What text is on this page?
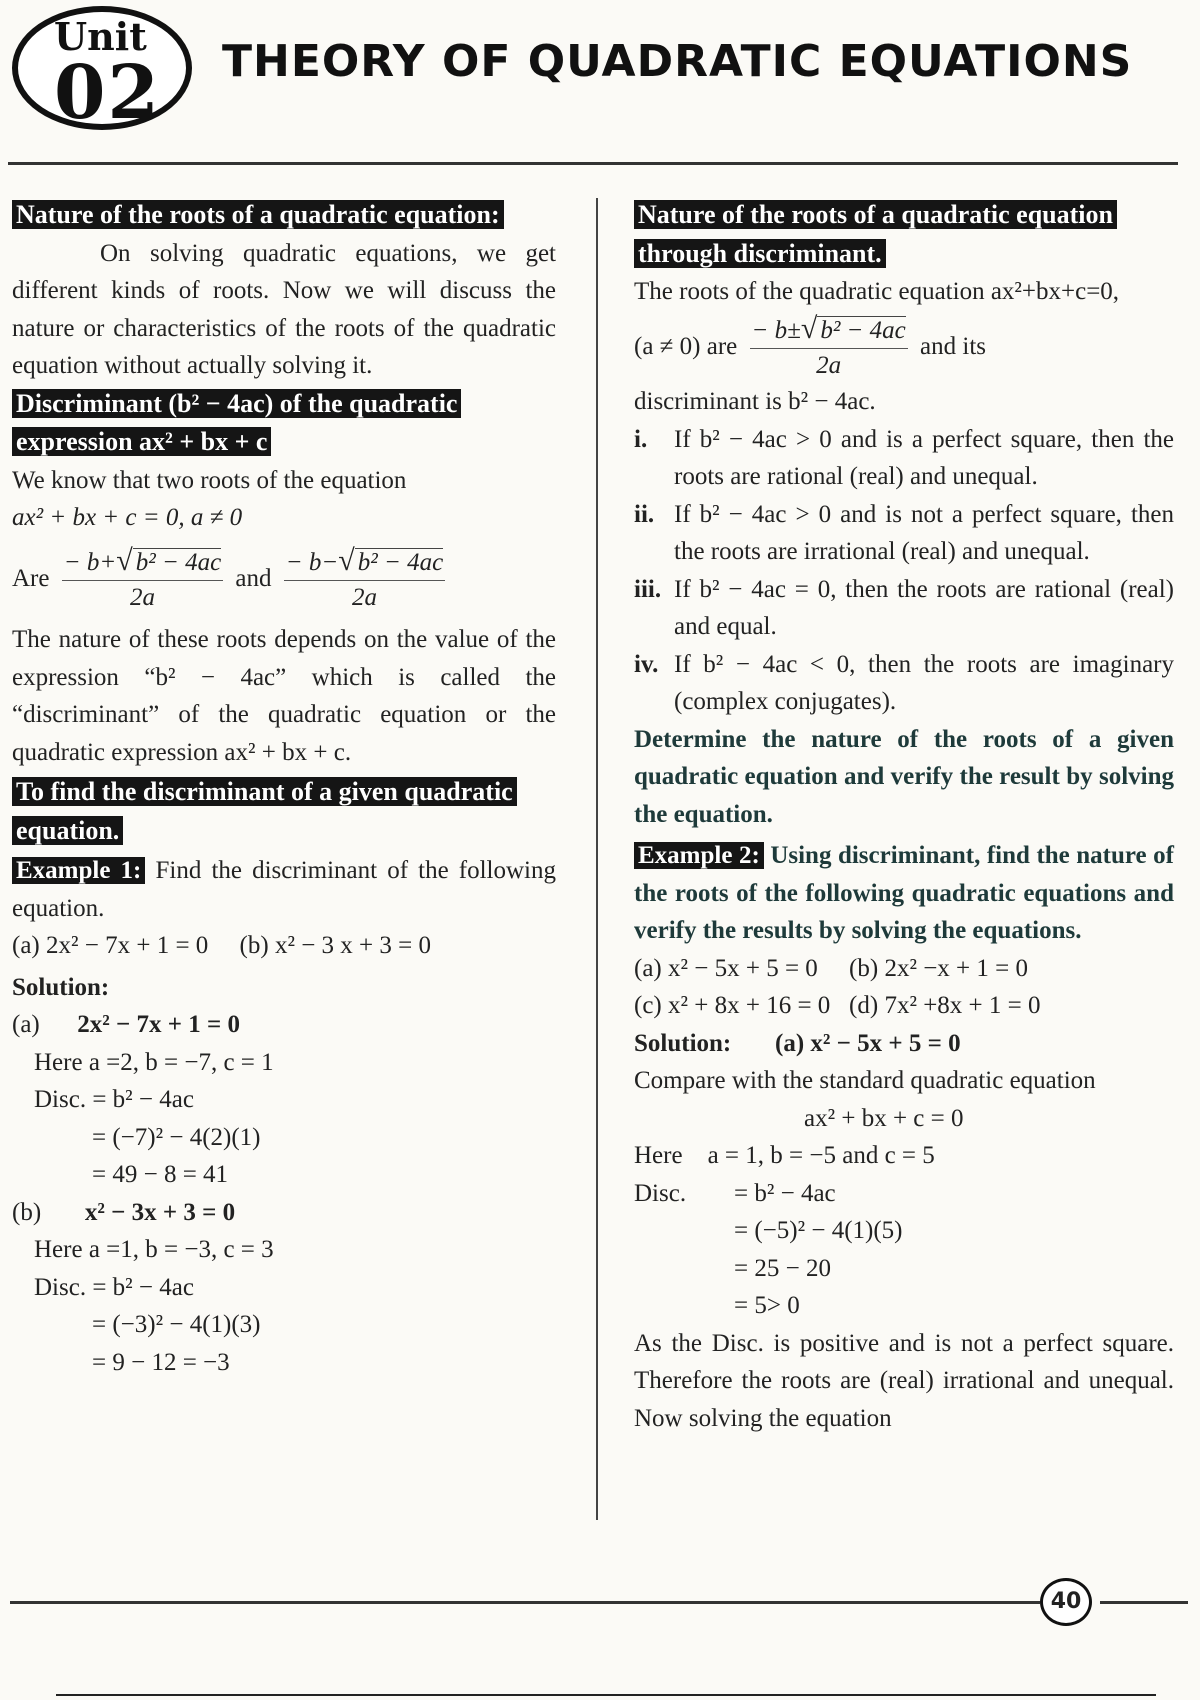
Unit
02 THEORY OF QUADRATIC EQUATIONS

Nature of the roots of a quadratic equation:

On solving quadratic equations, we get different kinds of roots. Now we will discuss the nature or characteristics of the roots of the quadratic equation without actually solving it.

Discriminant (b² − 4ac) of the quadratic expression ax² + bx + c

We know that two roots of the equation

ax² + bx + c = 0, a ≠ 0

Are $\frac{\text{− b+√ b² − 4ac}}{2a}$ and $\frac{\text{− b−√ b² − 4ac}}{2a}$

The nature of these roots depends on the value of the expression “b² − 4ac” which is called the “discriminant” of the quadratic equation or the quadratic expression ax² + bx + c.

To find the discriminant of a given quadratic equation.

Example 1: Find the discriminant of the following equation.

(a) 2x² − 7x + 1 = 0 (b) x² − 3 x + 3 = 0

Solution:

(a) 2x² − 7x + 1 = 0

Here a =2, b = −7, c = 1

Disc. = b² − 4ac

= (−7)² − 4(2)(1)

= 49 − 8 = 41

(b) x² − 3x + 3 = 0

Here a =1, b = −3, c = 3

Disc. = b² − 4ac

= (−3)² − 4(1)(3)

= 9 − 12 = −3

Nature of the roots of a quadratic equation through discriminant.

The roots of the quadratic equation ax²+bx+c=0,

(a ≠ 0) are $\frac{\text{− b±√ b² − 4ac}}{2a}$ and its

discriminant is b² − 4ac.

i.	If b² − 4ac > 0 and is a perfect square, then the roots are rational (real) and unequal.
ii. If b² − 4ac > 0 and is not a perfect square, then the roots are irrational (real) and unequal.
iii. If b² − 4ac = 0, then the roots are rational (real) and equal.
iv. If b² − 4ac < 0, then the roots are imaginary (complex conjugates).

Determine the nature of the roots of a given quadratic equation and verify the result by solving the equation.

Example 2: Using discriminant, find the nature of the roots of the following quadratic equations and verify the results by solving the equations.

(a) x² − 5x + 5 = 0 (b) 2x² −x + 1 = 0

(c) x² + 8x + 16 = 0 (d) 7x² +8x + 1 = 0

Solution: (a) x² − 5x + 5 = 0

Compare with the standard quadratic equation

ax² + bx + c = 0

Here a = 1, b = −5 and c = 5

Disc. = b² − 4ac

= (−5)² − 4(1)(5)

= 25 − 20

= 5> 0

As the Disc. is positive and is not a perfect square. Therefore the roots are (real) irrational and unequal. Now solving the equation

40
